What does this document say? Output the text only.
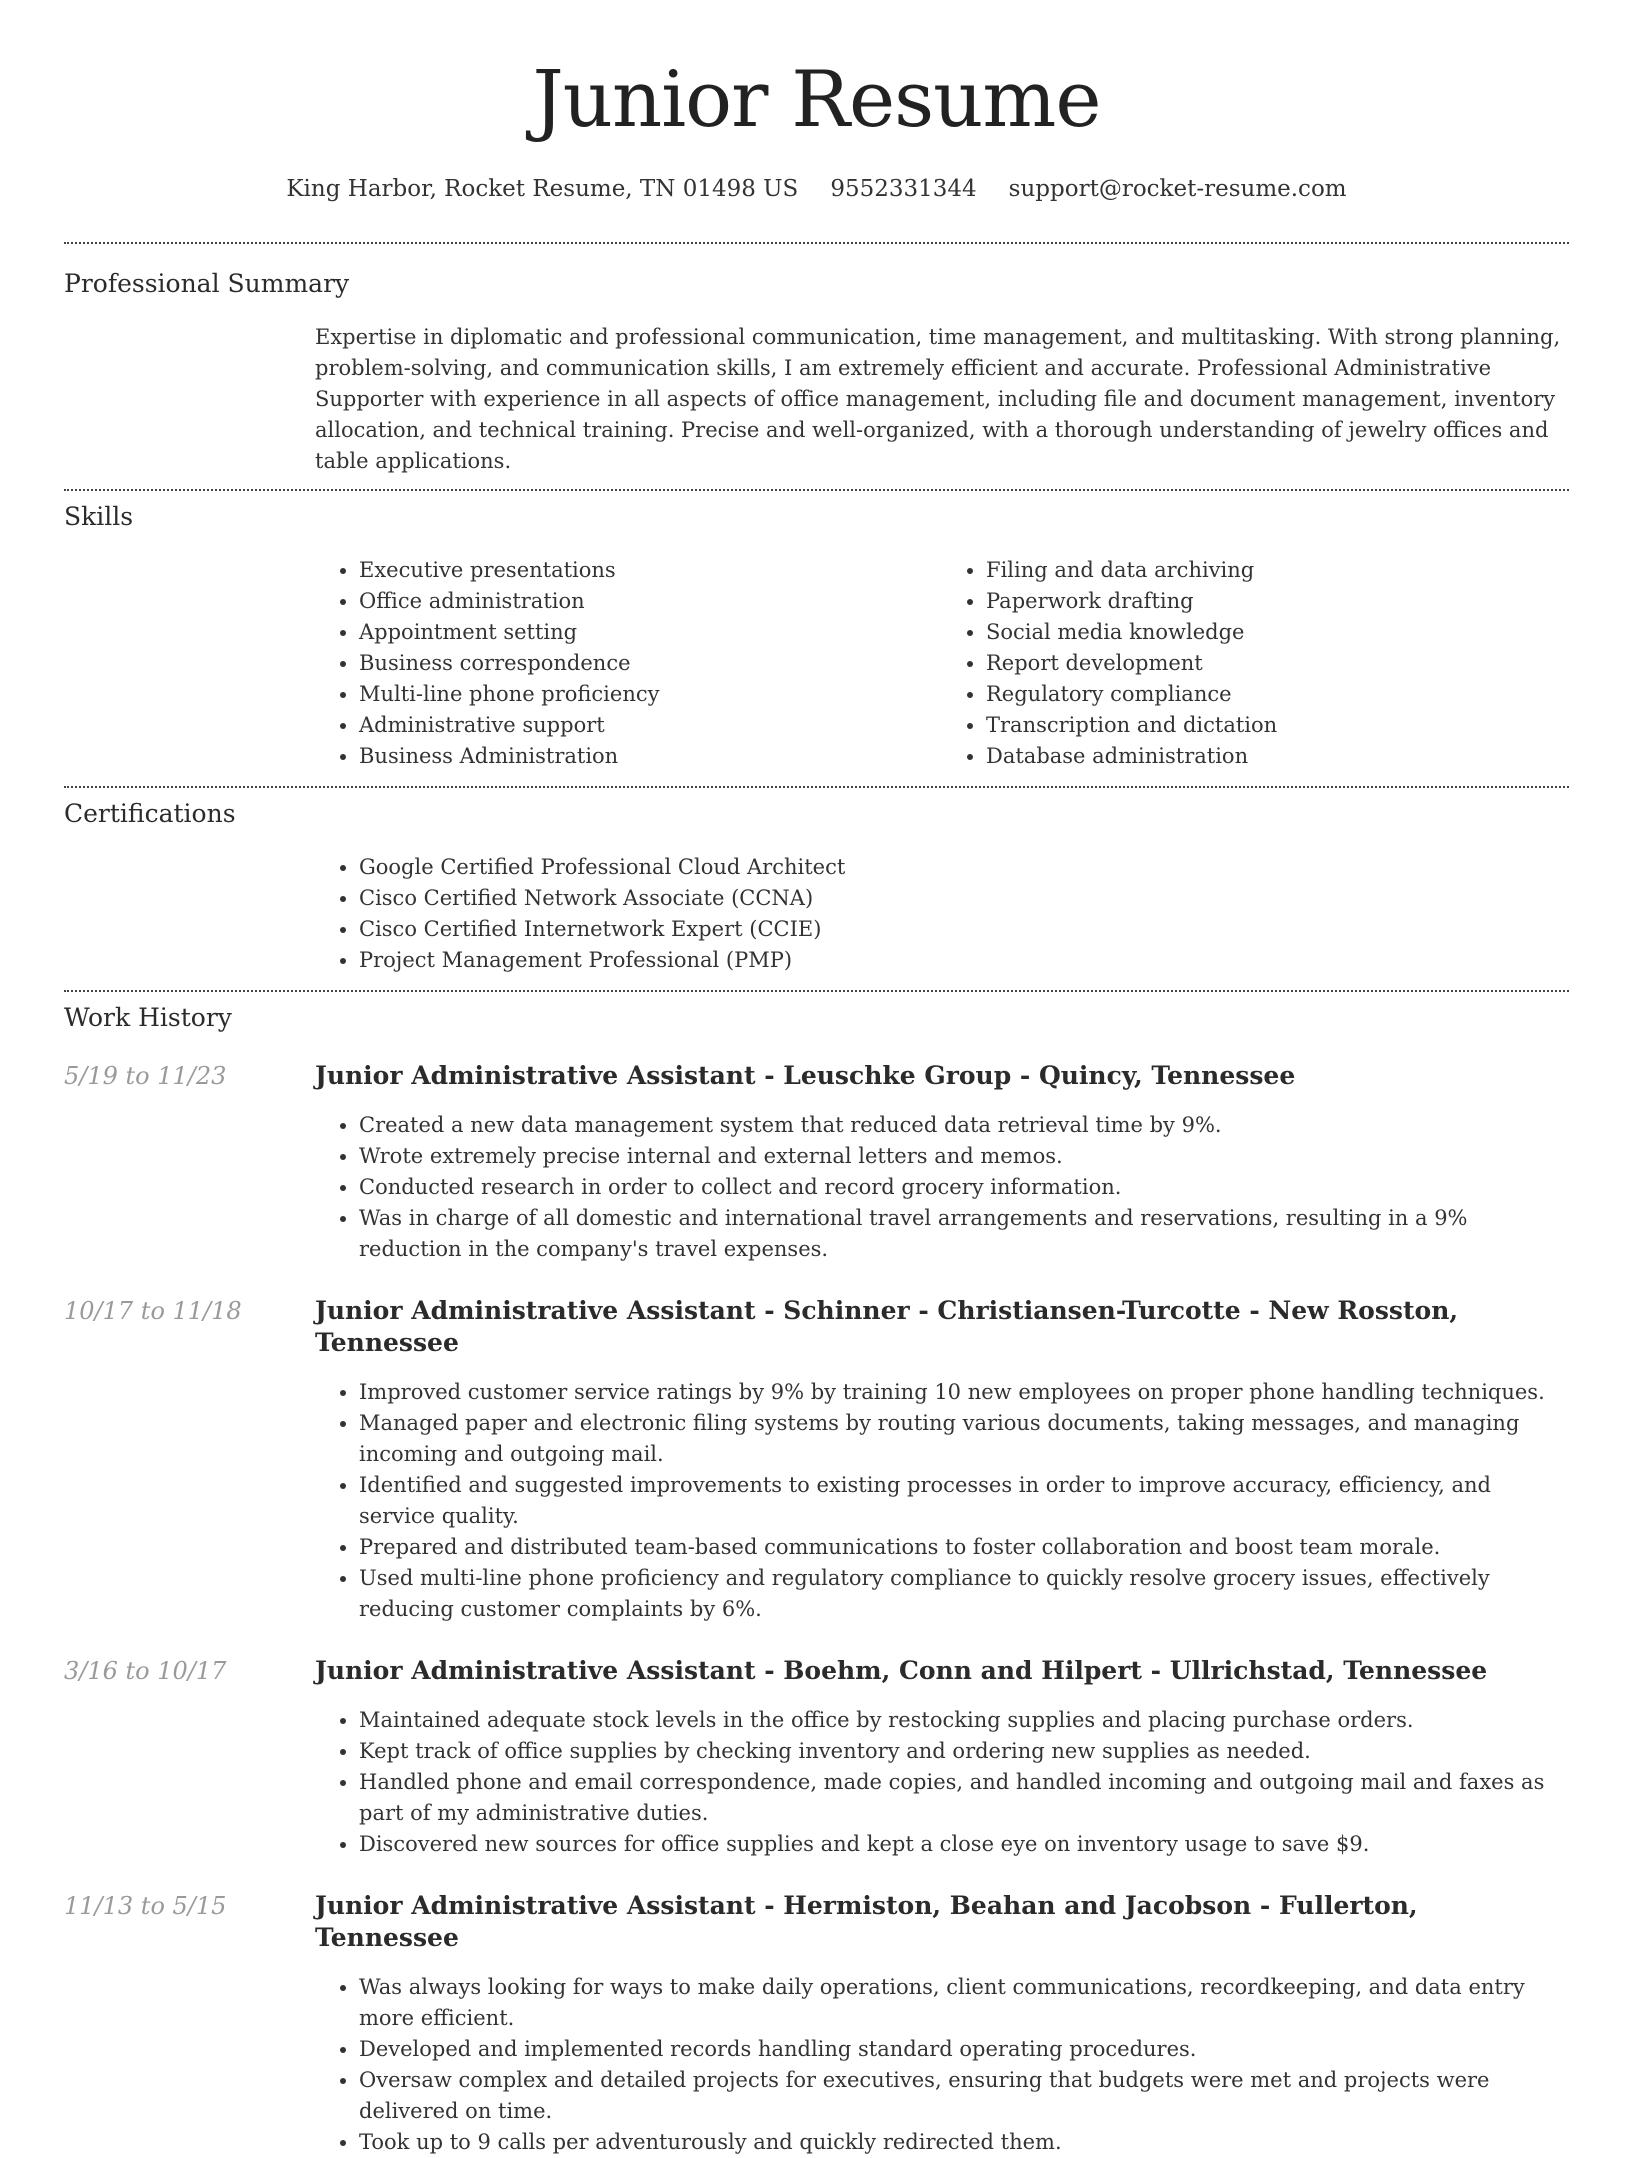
Junior Resume
King Harbor, Rocket Resume, TN 01498 US 9552331344 support@rocket-resume.com
Professional Summary

Expertise in diplomatic and professional communication, time management, and multitasking. With strong planning, problem-solving, and communication skills, I am extremely efficient and accurate. Professional Administrative Supporter with experience in all aspects of office management, including file and document management, inventory allocation, and technical training. Precise and well-organized, with a thorough understanding of jewelry offices and table applications.

Skills
• Executive presentations
• Office administration
• Appointment setting
• Business correspondence
• Multi-line phone proficiency
• Administrative support
• Business Administration
• Filing and data archiving
• Paperwork drafting
• Social media knowledge
• Report development
• Regulatory compliance
• Transcription and dictation
• Database administration
Certifications
• Google Certified Professional Cloud Architect
• Cisco Certified Network Associate (CCNA)
• Cisco Certified Internetwork Expert (CCIE)
• Project Management Professional (PMP)
Work History
5/19 to 11/23	Junior Administrative Assistant - Leuschke Group - Quincy, Tennessee
• Created a new data management system that reduced data retrieval time by 9%.
• Wrote extremely precise internal and external letters and memos.
• Conducted research in order to collect and record grocery information.
• Was in charge of all domestic and international travel arrangements and reservations, resulting in a 9% reduction in the company's travel expenses.
10/17 to 11/18	Junior Administrative Assistant - Schinner - Christiansen-Turcotte - New Rosston, Tennessee
• Improved customer service ratings by 9% by training 10 new employees on proper phone handling techniques.
• Managed paper and electronic filing systems by routing various documents, taking messages, and managing incoming and outgoing mail.
• Identified and suggested improvements to existing processes in order to improve accuracy, efficiency, and service quality.
• Prepared and distributed team-based communications to foster collaboration and boost team morale.
• Used multi-line phone proficiency and regulatory compliance to quickly resolve grocery issues, effectively reducing customer complaints by 6%.
3/16 to 10/17	Junior Administrative Assistant - Boehm, Conn and Hilpert - Ullrichstad, Tennessee
• Maintained adequate stock levels in the office by restocking supplies and placing purchase orders.
• Kept track of office supplies by checking inventory and ordering new supplies as needed.
• Handled phone and email correspondence, made copies, and handled incoming and outgoing mail and faxes as part of my administrative duties.
• Discovered new sources for office supplies and kept a close eye on inventory usage to save $9.
11/13 to 5/15	Junior Administrative Assistant - Hermiston, Beahan and Jacobson - Fullerton, Tennessee
• Was always looking for ways to make daily operations, client communications, recordkeeping, and data entry more efficient.
• Developed and implemented records handling standard operating procedures.
• Oversaw complex and detailed projects for executives, ensuring that budgets were met and projects were delivered on time.
• Took up to 9 calls per adventurously and quickly redirected them.
